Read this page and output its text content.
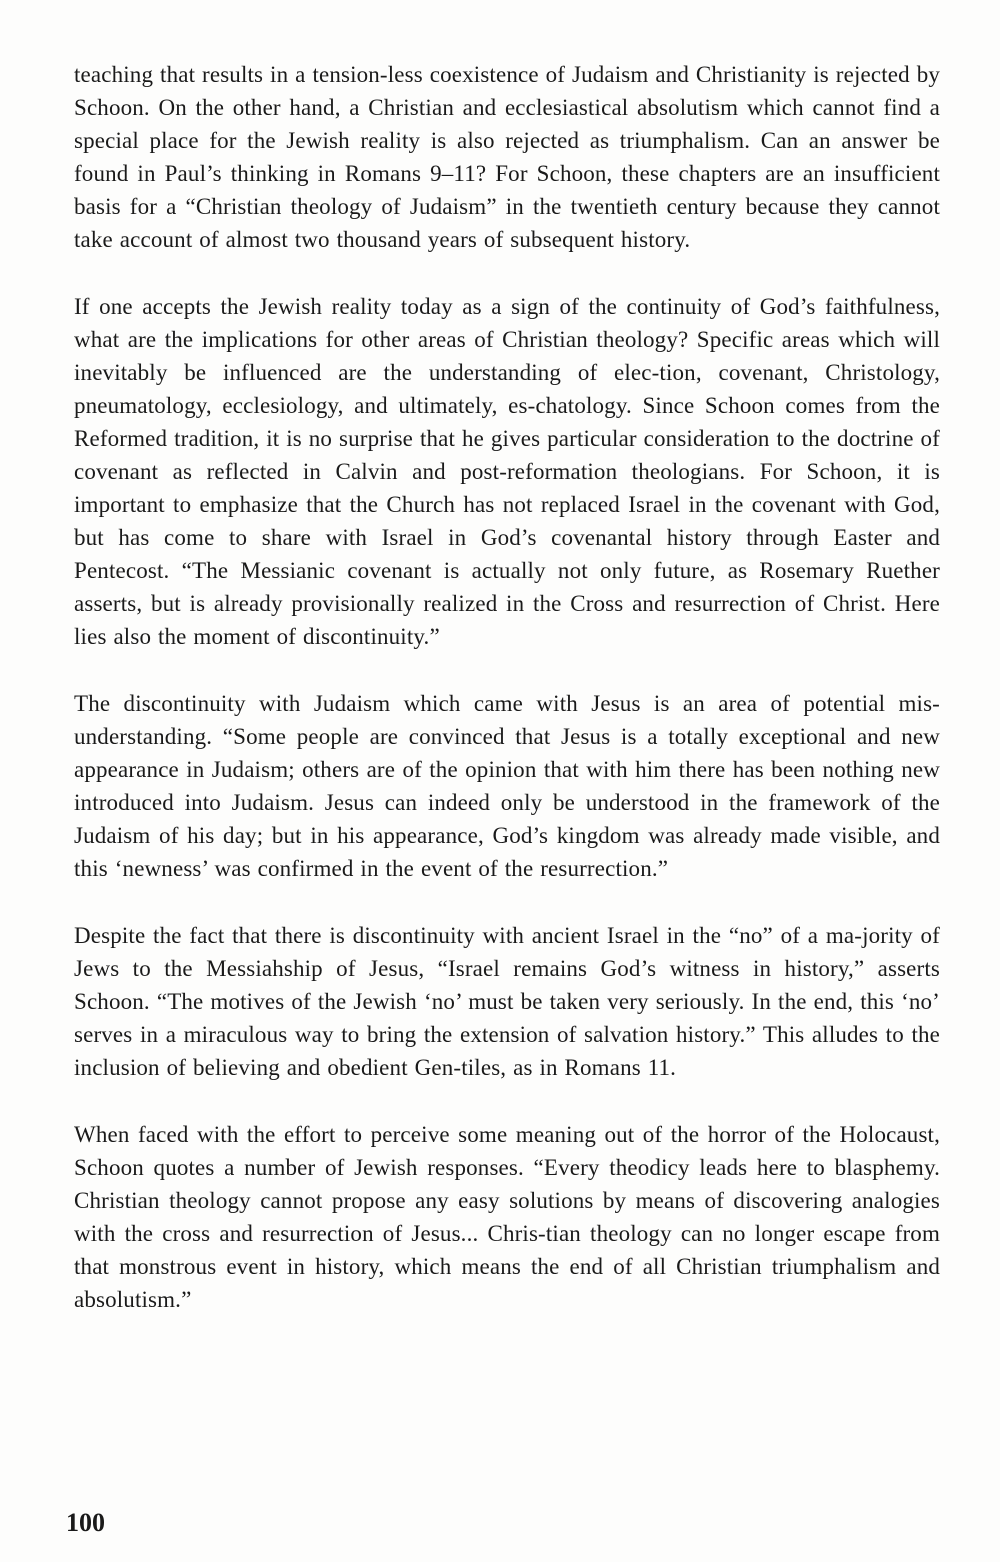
teaching that results in a tension-less coexistence of Judaism and Christianity is rejected by Schoon. On the other hand, a Christian and ecclesiastical absolutism which cannot find a special place for the Jewish reality is also rejected as triumphalism. Can an answer be found in Paul’s thinking in Romans 9–11? For Schoon, these chapters are an insufficient basis for a “Christian theology of Judaism” in the twentieth century because they cannot take account of almost two thousand years of subsequent history.

If one accepts the Jewish reality today as a sign of the continuity of God’s faithfulness, what are the implications for other areas of Christian theology? Specific areas which will inevitably be influenced are the understanding of elec-tion, covenant, Christology, pneumatology, ecclesiology, and ultimately, es-chatology. Since Schoon comes from the Reformed tradition, it is no surprise that he gives particular consideration to the doctrine of covenant as reflected in Calvin and post-reformation theologians. For Schoon, it is important to emphasize that the Church has not replaced Israel in the covenant with God, but has come to share with Israel in God’s covenantal history through Easter and Pentecost. “The Messianic covenant is actually not only future, as Rosemary Ruether asserts, but is already provisionally realized in the Cross and resurrection of Christ. Here lies also the moment of discontinuity.”

The discontinuity with Judaism which came with Jesus is an area of potential mis-understanding. “Some people are convinced that Jesus is a totally exceptional and new appearance in Judaism; others are of the opinion that with him there has been nothing new introduced into Judaism. Jesus can indeed only be understood in the framework of the Judaism of his day; but in his appearance, God’s kingdom was already made visible, and this ‘newness’ was confirmed in the event of the resurrection.”

Despite the fact that there is discontinuity with ancient Israel in the “no” of a ma-jority of Jews to the Messiahship of Jesus, “Israel remains God’s witness in history,” asserts Schoon. “The motives of the Jewish ‘no’ must be taken very seriously. In the end, this ‘no’ serves in a miraculous way to bring the extension of salvation history.” This alludes to the inclusion of believing and obedient Gen-tiles, as in Romans 11.

When faced with the effort to perceive some meaning out of the horror of the Holocaust, Schoon quotes a number of Jewish responses. “Every theodicy leads here to blasphemy. Christian theology cannot propose any easy solutions by means of discovering analogies with the cross and resurrection of Jesus... Chris-tian theology can no longer escape from that monstrous event in history, which means the end of all Christian triumphalism and absolutism.”

100
